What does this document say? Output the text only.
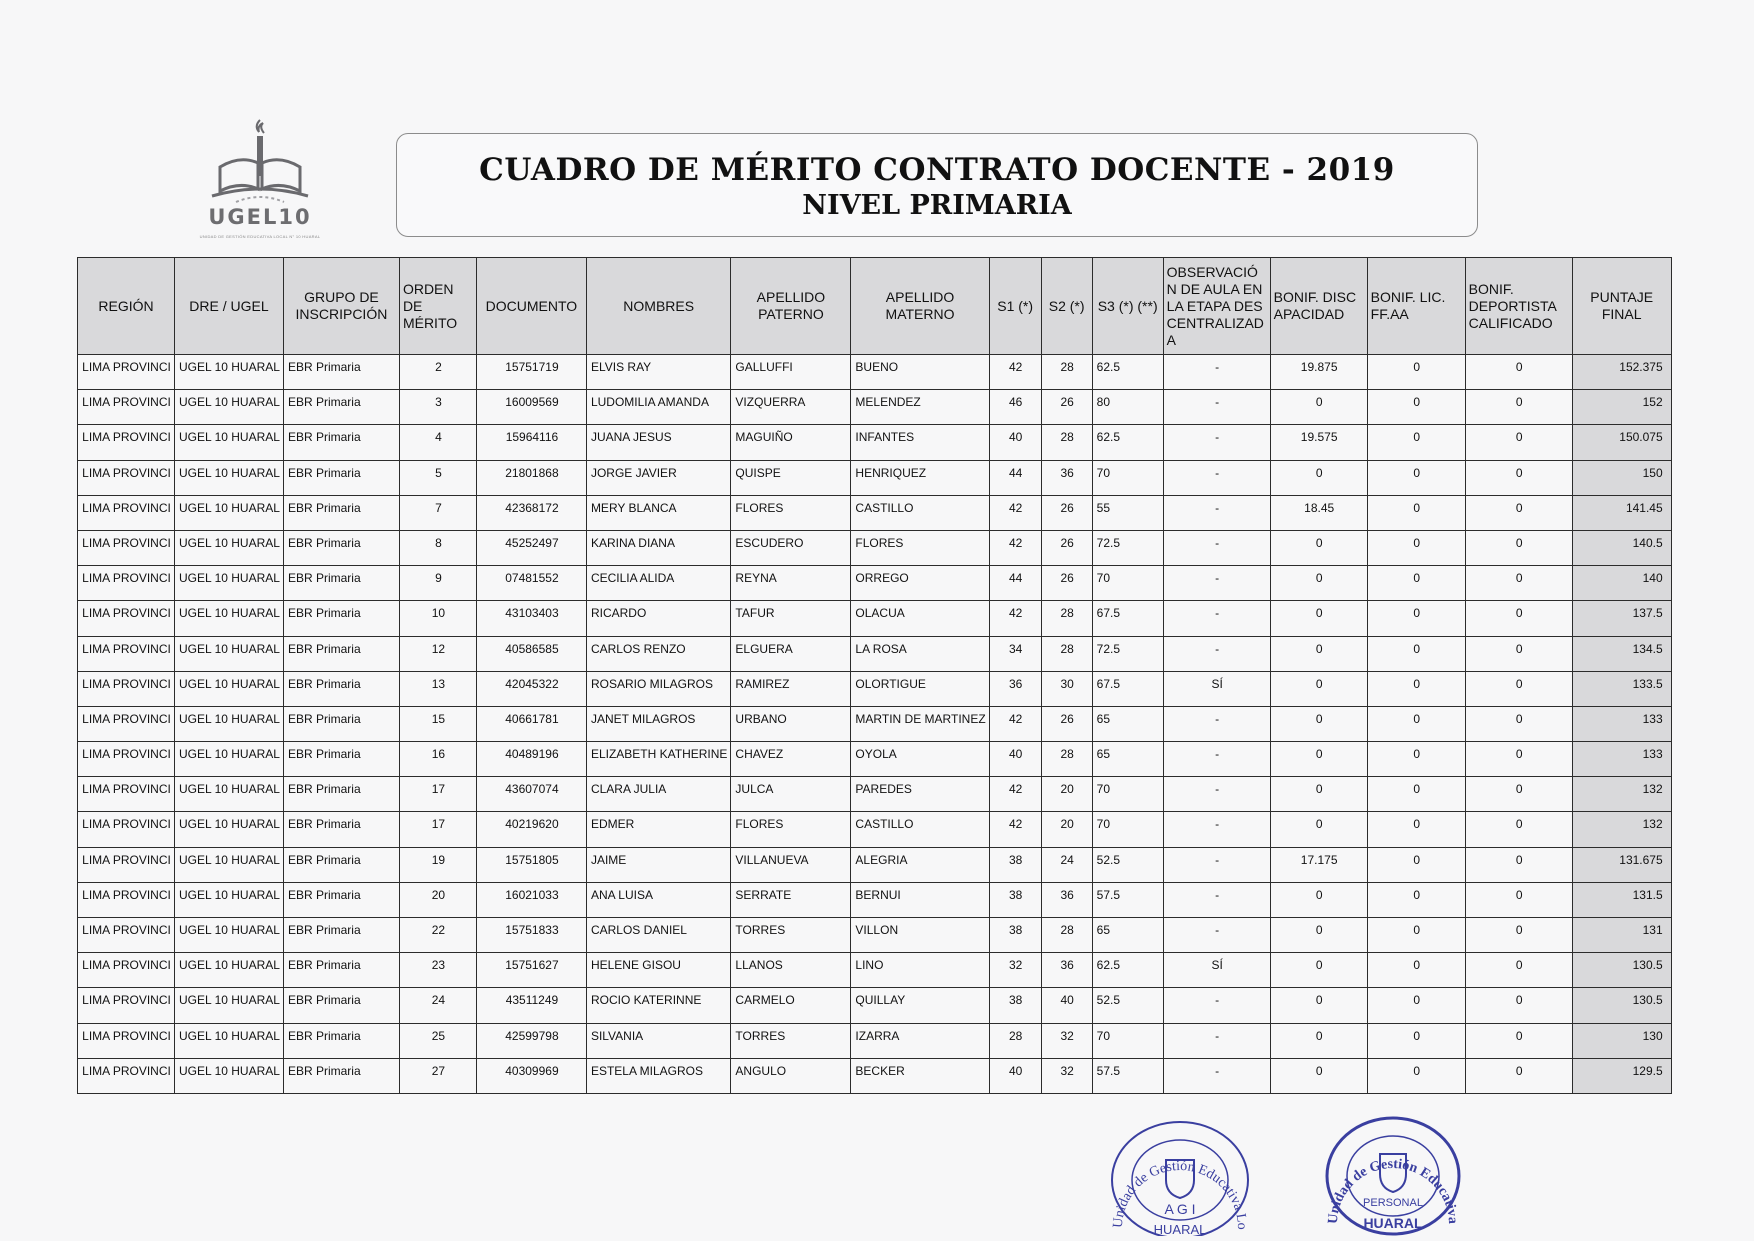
UGEL10
UNIDAD DE GESTIÓN EDUCATIVA LOCAL N° 10 HUARAL
CUADRO DE MÉRITO CONTRATO DOCENTE - 2019
NIVEL PRIMARIA
REGIÓN	DRE / UGEL	GRUPO DE INSCRIPCIÓN	ORDEN DE MÉRITO	DOCUMENTO	NOMBRES	APELLIDO PATERNO	APELLIDO MATERNO	S1 (*)	S2 (*)	S3 (*) (**)	OBSERVACIÓN DE AULA EN LA ETAPA DESCENTRALIZADA	BONIF. DISCAPACIDAD	BONIF. LIC. FF.AA	BONIF. DEPORTISTA CALIFICADO	PUNTAJE FINAL
LIMA PROVINCI	UGEL 10 HUARAL	EBR Primaria	2	15751719	ELVIS RAY	GALLUFFI	BUENO	42	28	62.5	-	19.875	0	0	152.375
LIMA PROVINCI	UGEL 10 HUARAL	EBR Primaria	3	16009569	LUDOMILIA AMANDA	VIZQUERRA	MELENDEZ	46	26	80	-	0	0	0	152
LIMA PROVINCI	UGEL 10 HUARAL	EBR Primaria	4	15964116	JUANA JESUS	MAGUIÑO	INFANTES	40	28	62.5	-	19.575	0	0	150.075
LIMA PROVINCI	UGEL 10 HUARAL	EBR Primaria	5	21801868	JORGE JAVIER	QUISPE	HENRIQUEZ	44	36	70	-	0	0	0	150
LIMA PROVINCI	UGEL 10 HUARAL	EBR Primaria	7	42368172	MERY BLANCA	FLORES	CASTILLO	42	26	55	-	18.45	0	0	141.45
LIMA PROVINCI	UGEL 10 HUARAL	EBR Primaria	8	45252497	KARINA DIANA	ESCUDERO	FLORES	42	26	72.5	-	0	0	0	140.5
LIMA PROVINCI	UGEL 10 HUARAL	EBR Primaria	9	07481552	CECILIA ALIDA	REYNA	ORREGO	44	26	70	-	0	0	0	140
LIMA PROVINCI	UGEL 10 HUARAL	EBR Primaria	10	43103403	RICARDO	TAFUR	OLACUA	42	28	67.5	-	0	0	0	137.5
LIMA PROVINCI	UGEL 10 HUARAL	EBR Primaria	12	40586585	CARLOS RENZO	ELGUERA	LA ROSA	34	28	72.5	-	0	0	0	134.5
LIMA PROVINCI	UGEL 10 HUARAL	EBR Primaria	13	42045322	ROSARIO MILAGROS	RAMIREZ	OLORTIGUE	36	30	67.5	SÍ	0	0	0	133.5
LIMA PROVINCI	UGEL 10 HUARAL	EBR Primaria	15	40661781	JANET MILAGROS	URBANO	MARTIN DE MARTINEZ	42	26	65	-	0	0	0	133
LIMA PROVINCI	UGEL 10 HUARAL	EBR Primaria	16	40489196	ELIZABETH KATHERINE	CHAVEZ	OYOLA	40	28	65	-	0	0	0	133
LIMA PROVINCI	UGEL 10 HUARAL	EBR Primaria	17	43607074	CLARA JULIA	JULCA	PAREDES	42	20	70	-	0	0	0	132
LIMA PROVINCI	UGEL 10 HUARAL	EBR Primaria	17	40219620	EDMER	FLORES	CASTILLO	42	20	70	-	0	0	0	132
LIMA PROVINCI	UGEL 10 HUARAL	EBR Primaria	19	15751805	JAIME	VILLANUEVA	ALEGRIA	38	24	52.5	-	17.175	0	0	131.675
LIMA PROVINCI	UGEL 10 HUARAL	EBR Primaria	20	16021033	ANA LUISA	SERRATE	BERNUI	38	36	57.5	-	0	0	0	131.5
LIMA PROVINCI	UGEL 10 HUARAL	EBR Primaria	22	15751833	CARLOS DANIEL	TORRES	VILLON	38	28	65	-	0	0	0	131
LIMA PROVINCI	UGEL 10 HUARAL	EBR Primaria	23	15751627	HELENE GISOU	LLANOS	LINO	32	36	62.5	SÍ	0	0	0	130.5
LIMA PROVINCI	UGEL 10 HUARAL	EBR Primaria	24	43511249	ROCIO KATERINNE	CARMELO	QUILLAY	38	40	52.5	-	0	0	0	130.5
LIMA PROVINCI	UGEL 10 HUARAL	EBR Primaria	25	42599798	SILVANIA	TORRES	IZARRA	28	32	70	-	0	0	0	130
LIMA PROVINCI	UGEL 10 HUARAL	EBR Primaria	27	40309969	ESTELA MILAGROS	ANGULO	BECKER	40	32	57.5	-	0	0	0	129.5
Unidad de Gestión Educativa Lo
A G I
HUARAL
Unidad de Gestión Educativa
PERSONAL
HUARAL
